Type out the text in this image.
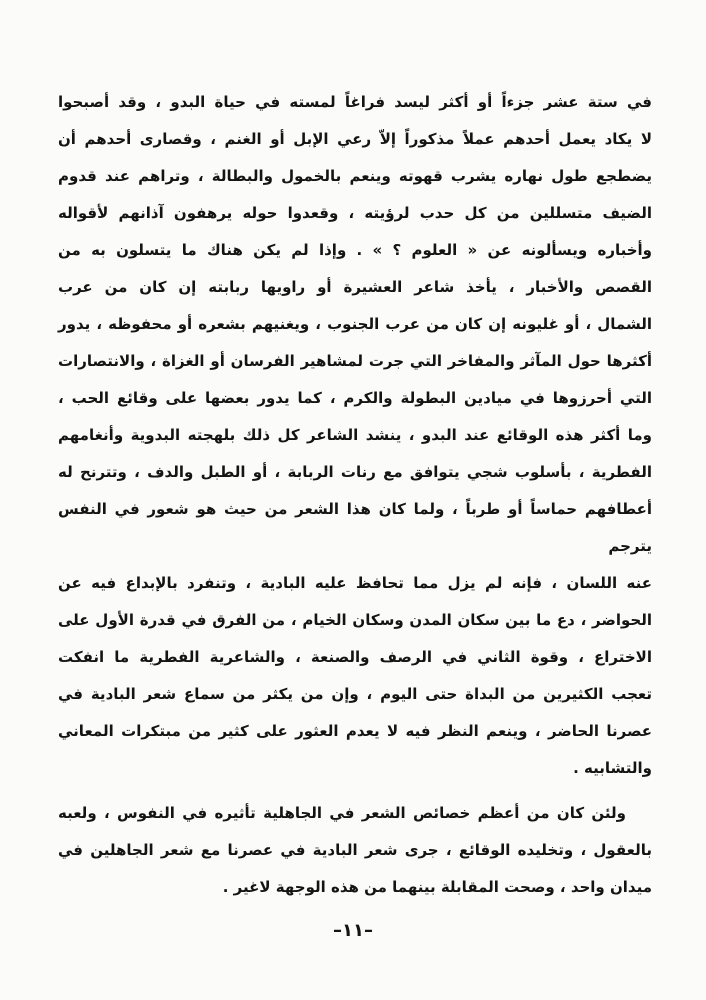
في ستة عشر جزءاً أو أكثر ليسد فراغاً لمسته في حياة البدو ، وقد أصبحوا
لا يكاد يعمل أحدهم عملاً مذكوراً إلاّ رعي الإبل أو الغنم ، وقصارى أحدهم أن
يضطجع طول نهاره يشرب قهوته وينعم بالخمول والبطالة ، وتراهم عند قدوم
الضيف متسللين من كل حدب لرؤيته ، وقعدوا حوله يرهفون آذانهم لأقواله
وأخباره ويسألونه عن « العلوم ؟ » . وإذا لم يكن هناك ما يتسلون به من
القصص والأخبار ، يأخذ شاعر العشيرة أو راويها ربابته إن كان من عرب
الشمال ، أو غليونه إن كان من عرب الجنوب ، ويغنيهم بشعره أو محفوظه ، يدور
أكثرها حول المآثر والمفاخر التي جرت لمشاهير الفرسان أو الغزاة ، والانتصارات
التي أحرزوها في ميادين البطولة والكرم ، كما يدور بعضها على وقائع الحب ،
وما أكثر هذه الوقائع عند البدو ، ينشد الشاعر كل ذلك بلهجته البدوية وأنغامهم
الفطرية ، بأسلوب شجي يتوافق مع رنات الربابة ، أو الطبل والدف ، وتترنح له
أعطافهم حماساً أو طرباً ، ولما كان هذا الشعر من حيث هو شعور في النفس يترجم
عنه اللسان ، فإنه لم يزل مما تحافظ عليه البادية ، وتنفرد بالإبداع فيه عن
الحواضر ، دع ما بين سكان المدن وسكان الخيام ، من الفرق في قدرة الأول على
الاختراع ، وقوة الثاني في الرصف والصنعة ، والشاعرية الفطرية ما انفكت
تعجب الكثيرين من البداة حتى اليوم ، وإن من يكثر من سماع شعر البادية في
عصرنا الحاضر ، وينعم النظر فيه لا يعدم العثور على كثير من مبتكرات المعاني
والتشابيه .
ولئن كان من أعظم خصائص الشعر في الجاهلية تأثيره في النفوس ، ولعبه
بالعقول ، وتخليده الوقائع ، جرى شعر البادية في عصرنا مع شعر الجاهلين في
ميدان واحد ، وصحت المقابلة بينهما من هذه الوجهة لاغير .
–١١–
